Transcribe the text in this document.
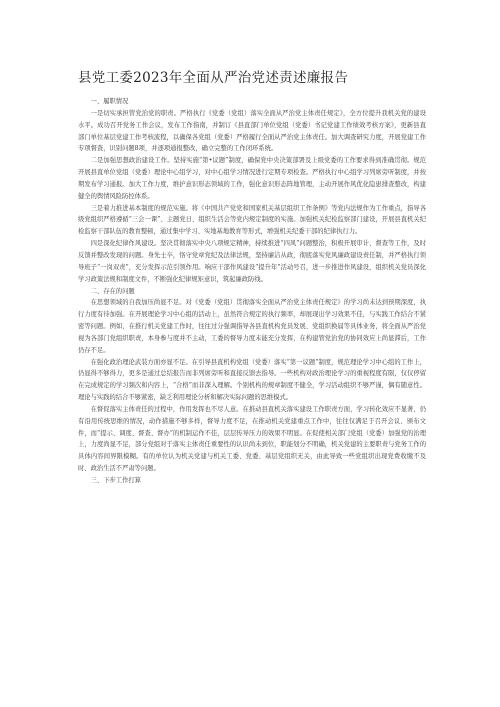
县党工委2023年全面从严治党述责述廉报告

一、履职情况

一是切实承担管党治党的职责。严格执行《党委（党组）落实全面从严治党主体责任规定》，全方位提升我机关党的建设水平。成功召开党务工作会议，发布工作指南，并制订《县直部门单位党组（党委）书记党建工作绩效考核方案》，更新县直部门单位基层党建工作考核流程，以确保各党组（党委）严格履行全面从严治党主体责任。加大调查研究力度，开展党建工作专项督查，识别问题8项，并逐项通报整改，确立完整的工作闭环系统。

二是加强思想政治建设工作。坚持实施“第•议题”制度，确保党中央决策部署及上级党委的工作要求得到准确贯彻。规范开展县直单位党组（党委）理论中心组学习，对中心组学习情况进行定期专项检查。严格执行中心组学习列席旁听制度，并按期发布学习通报。加大工作力度，维护意识形态领域的工作，强化意识形态阵地管理，主动开展作风优化隐患排查整改，构建健全的舆情风险防控体系。

三是着力推进基本制度的规范实施。将《中国共产党党和国家机关基层组织工作条例》等党内法规作为工作重点，指导各级党组织严格遵循“三会一课”、主题党日、组织生活会等党内规定制度的实施。加强机关纪检监察部门建设，开展县直机关纪检监察干部队伍的教育整顿，通过集中学习、实地基地教育等形式，增强机关纪委干部的纪律执行力。

四是深化纪律作风建设。坚决贯彻落实中央八项规定精神，持续推进“四风”问题整治，积极开展审计、督查等工作，及时反馈并整改发现的问题。身先士卒，恪守党章党纪及法律法规，坚持廉洁从政，彻底落实党风廉政建设责任制，并严格执行领导班子“一岗双责”，充分发挥示范引领作用。响应干部作风建设“提升年”活动号召，进一步推进作风建设，组织机关党员深化学习政策法规和制度文件，不断强化纪律规矩意识，筑起廉政防线。

二、存在的问题

在思想领域的自我加压尚显不足。对《党委（党组）贯彻落实全面从严治党主体责任规定》的学习尚未达到预期深度，执行力度有待加强。在开展理论学习中心组的活动上，虽然符合规定的执行频率，却展现出学习效果不佳，与实践工作结合不紧密等问题。例如，在推行机关党建工作时，往往过分强调指导各县直机构党员发展、党组织换届等具体业务，将全面从严治党视为各部门党组织职责，本身参与度并不主动，工委的督导力度未能充分发挥，在构建管党治党的协同效应上尚显滞后，工作仍存不足。

在强化政治理论武装方面亦显不足。在引导县直机构党组（党委）落实“第一议题”制度，规范理论学习中心组的工作上，仍显得不够得力，更多是通过总结报告而非列席旁听和直接反馈去指导。一些机构对政治理论学习的重视程度有限，仅仅停留在完成规定的学习频次和内容上，“合格”而非深入理解。个别机构的规章制度不健全，学习活动组织不够严谨，偶有随意性。理论与实践的结合不够紧密，缺乏利用理论分析和解决实际问题的思维模式。

在督促落实主体责任的过程中，作用发挥也不尽人意。在推动县直机关落实建设工作职责方面，学习转化效应不显著，仍有沿用传统思维的情况，动作措施不够多样，督导力度不足，在推动机关党建重点工作中，往往仅满足于召开会议、颁布文件，而“提示、调度、督查、督办”的机制运作不佳，层层传导压力的效果不明显。在促使相关部门党组（党委）加强党的治理上，力度尚显不足，部分党组对于落实主体责任重要性的认识尚未到位，职能划分不明确，机关党建的主要职责与党务工作的具体内容间界限模糊。有的单位认为机关党建与机关工委、党委、基层党组织无关，由此导致一些党组织出现党费收缴不及时、政治生活不严肃等问题。

三、下步工作打算
